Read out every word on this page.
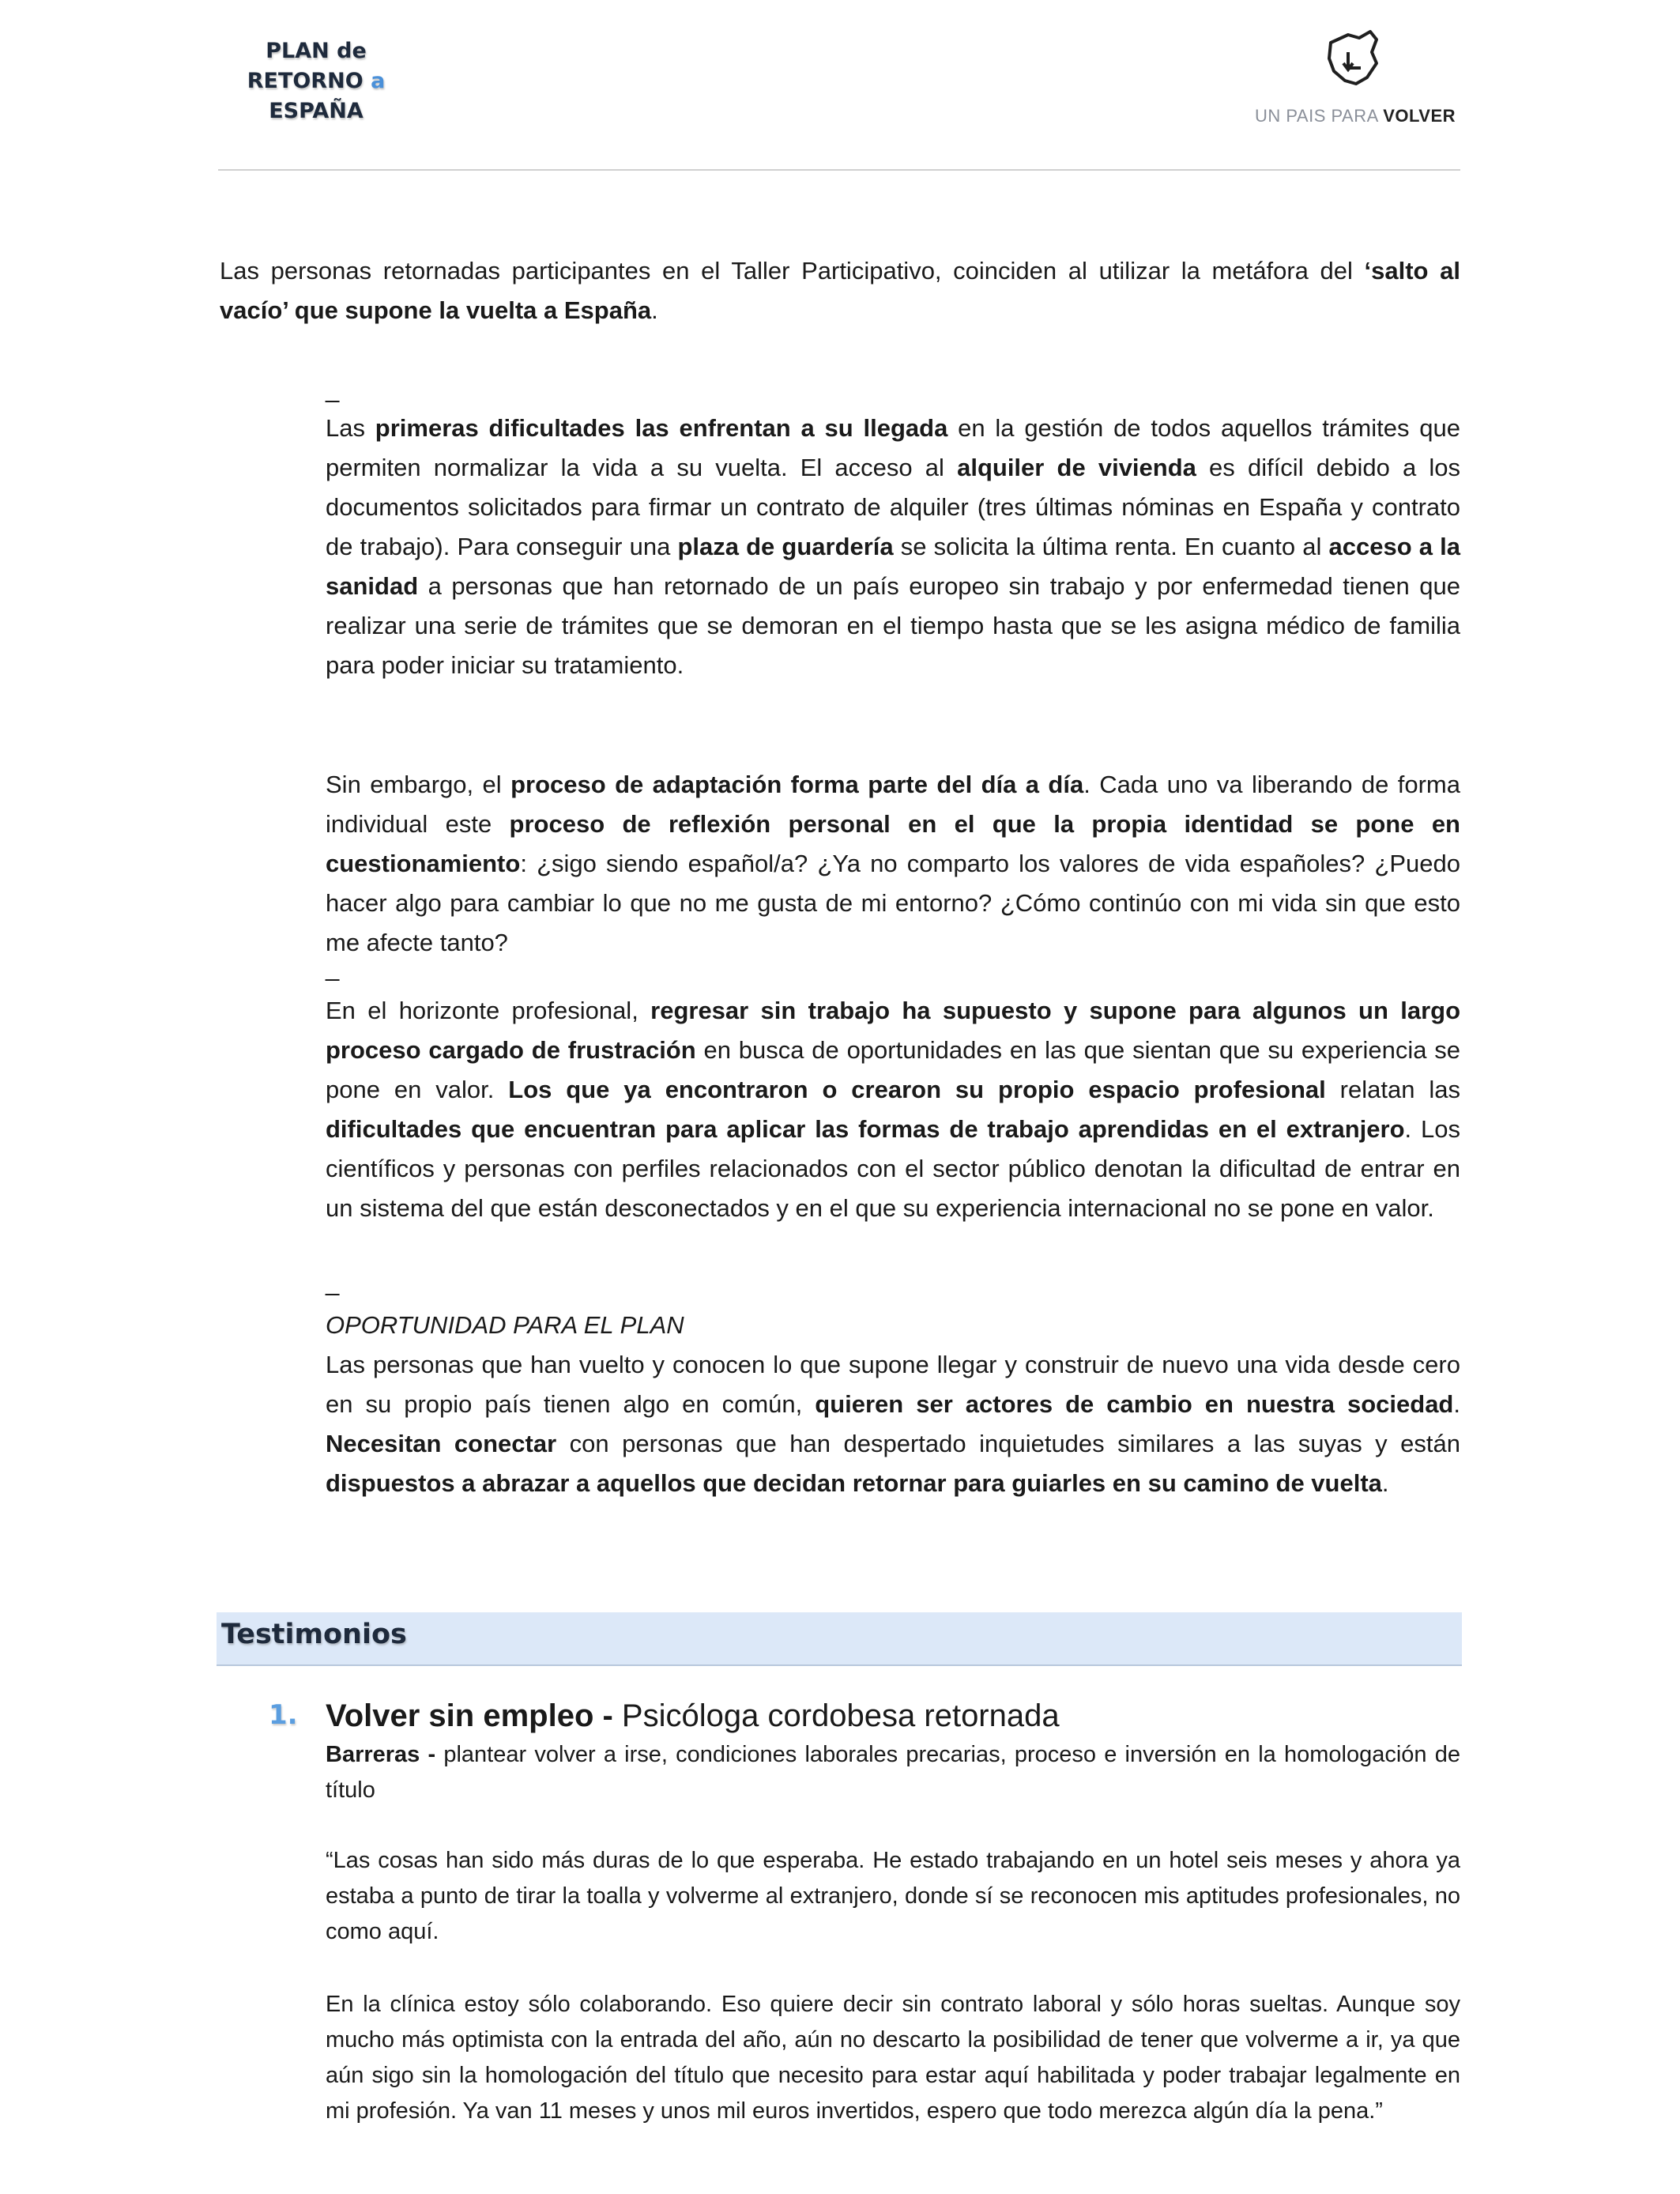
PLAN de
RETORNO a
ESPAÑA	UN PAIS PARA VOLVER
Las personas retornadas participantes en el Taller Participativo, coinciden al utilizar la metáfora del ‘salto al vacío’ que supone la vuelta a España.
_
Las primeras dificultades las enfrentan a su llegada en la gestión de todos aquellos trámites que permiten normalizar la vida a su vuelta. El acceso al alquiler de vivienda es difícil debido a los documentos solicitados para firmar un contrato de alquiler (tres últimas nóminas en España y contrato de trabajo). Para conseguir una plaza de guardería se solicita la última renta. En cuanto al acceso a la sanidad a personas que han retornado de un país europeo sin trabajo y por enfermedad tienen que realizar una serie de trámites que se demoran en el tiempo hasta que se les asigna médico de familia para poder iniciar su tratamiento.
Sin embargo, el proceso de adaptación forma parte del día a día. Cada uno va liberando de forma individual este proceso de reflexión personal en el que la propia identidad se pone en cuestionamiento: ¿sigo siendo español/a? ¿Ya no comparto los valores de vida españoles? ¿Puedo hacer algo para cambiar lo que no me gusta de mi entorno? ¿Cómo continúo con mi vida sin que esto me afecte tanto?
_
En el horizonte profesional, regresar sin trabajo ha supuesto y supone para algunos un largo proceso cargado de frustración en busca de oportunidades en las que sientan que su experiencia se pone en valor. Los que ya encontraron o crearon su propio espacio profesional relatan las dificultades que encuentran para aplicar las formas de trabajo aprendidas en el extranjero. Los científicos y personas con perfiles relacionados con el sector público denotan la dificultad de entrar en un sistema del que están desconectados y en el que su experiencia internacional no se pone en valor.
_
OPORTUNIDAD PARA EL PLAN
Las personas que han vuelto y conocen lo que supone llegar y construir de nuevo una vida desde cero en su propio país tienen algo en común, quieren ser actores de cambio en nuestra sociedad. Necesitan conectar con personas que han despertado inquietudes similares a las suyas y están dispuestos a abrazar a aquellos que decidan retornar para guiarles en su camino de vuelta.
Testimonios
1. Volver sin empleo - Psicóloga cordobesa retornada
Barreras - plantear volver a irse, condiciones laborales precarias, proceso e inversión en la homologación de título
“Las cosas han sido más duras de lo que esperaba. He estado trabajando en un hotel seis meses y ahora ya estaba a punto de tirar la toalla y volverme al extranjero, donde sí se reconocen mis aptitudes profesionales, no como aquí.
En la clínica estoy sólo colaborando. Eso quiere decir sin contrato laboral y sólo horas sueltas. Aunque soy mucho más optimista con la entrada del año, aún no descarto la posibilidad de tener que volverme a ir, ya que aún sigo sin la homologación del título que necesito para estar aquí habilitada y poder trabajar legalmente en mi profesión. Ya van 11 meses y unos mil euros invertidos, espero que todo merezca algún día la pena.”
